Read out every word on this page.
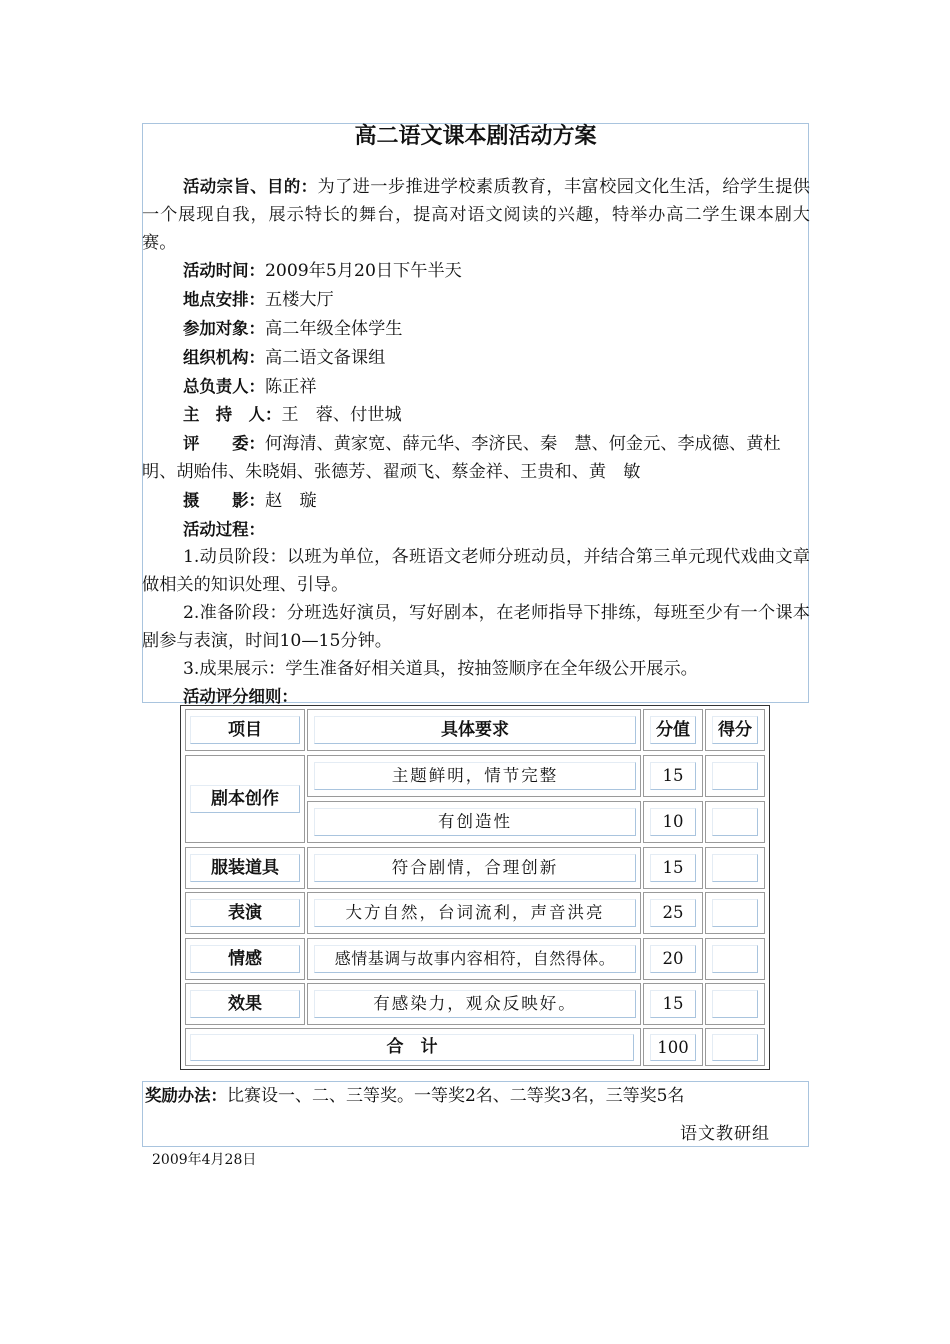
高二语文课本剧活动方案

活动宗旨、目的：为了进一步推进学校素质教育，丰富校园文化生活，给学生提供一个展现自我，展示特长的舞台，提高对语文阅读的兴趣，特举办高二学生课本剧大赛。

活动时间：2009年5月20日下午半天

地点安排：五楼大厅

参加对象：高二年级全体学生

组织机构：高二语文备课组

总负责人：陈正祥

主　持　人：王　蓉、付世城

评　　委：何海清、黄家宽、薛元华、李济民、秦　慧、何金元、李成德、黄杜明、胡贻伟、朱晓娟、张德芳、翟顽飞、蔡金祥、王贵和、黄　敏

摄　　影：赵　璇

活动过程：

1.动员阶段：以班为单位，各班语文老师分班动员，并结合第三单元现代戏曲文章做相关的知识处理、引导。

2.准备阶段：分班选好演员，写好剧本，在老师指导下排练，每班至少有一个课本剧参与表演，时间10—15分钟。

3.成果展示：学生准备好相关道具，按抽签顺序在全年级公开展示。

活动评分细则：

项目	具体要求	分值	得分
剧本创作
主题鲜明，情节完整	15
有创造性	10
服装道具	符合剧情，合理创新	15
表演	大方自然，台词流利，声音洪亮	25
情感	感情基调与故事内容相符，自然得体。	20
效果	有感染力，观众反映好。	15
合　计	100
奖励办法：比赛设一、二、三等奖。一等奖2名、二等奖3名，三等奖5名
语文教研组
2009年4月28日
